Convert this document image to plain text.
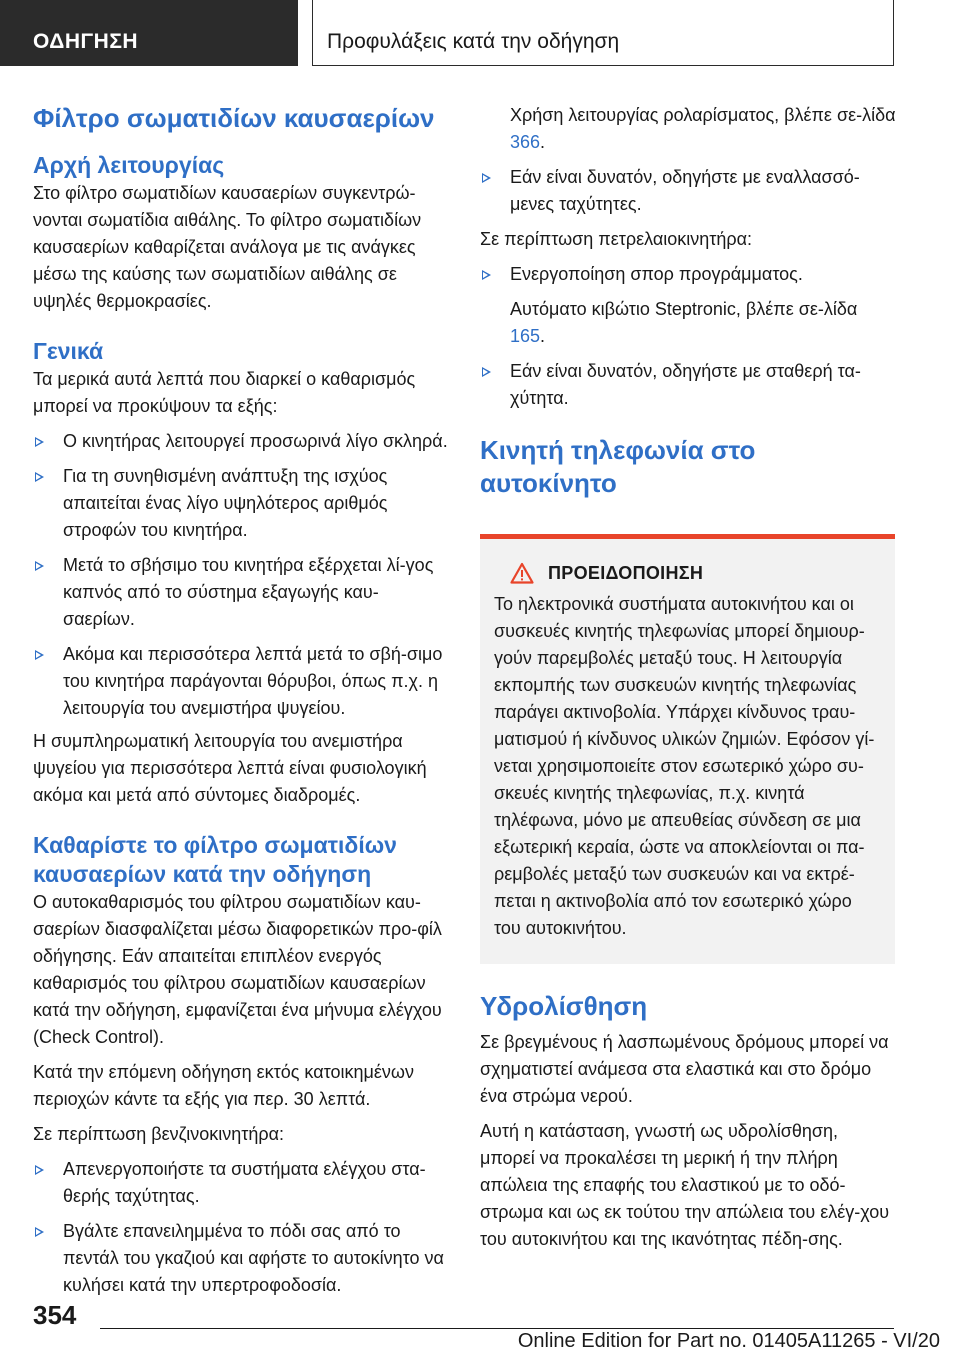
ΟΔΗΓΗΣΗ	Προφυλάξεις κατά την οδήγηση
Φίλτρο σωματιδίων καυσαερίων
Αρχή λειτουργίας

Στο φίλτρο σωματιδίων καυσαερίων συγκεντρώ‐νονται σωματίδια αιθάλης. Το φίλτρο σωματιδίων καυσαερίων καθαρίζεται ανάλογα με τις ανάγκες μέσω της καύσης των σωματιδίων αιθάλης σε υψηλές θερμοκρασίες.

Γενικά

Τα μερικά αυτά λεπτά που διαρκεί ο καθαρισμός μπορεί να προκύψουν τα εξής:

Ο κινητήρας λειτουργεί προσωρινά λίγο σκληρά.
Για τη συνηθισμένη ανάπτυξη της ισχύος απαιτείται ένας λίγο υψηλότερος αριθμός στροφών του κινητήρα.
Μετά το σβήσιμο του κινητήρα εξέρχεται λί‐γος καπνός από το σύστημα εξαγωγής καυ‐σαερίων.
Ακόμα και περισσότερα λεπτά μετά το σβή‐σιμο του κινητήρα παράγονται θόρυβοι, όπως π.χ. η λειτουργία του ανεμιστήρα ψυγείου.

Η συμπληρωματική λειτουργία του ανεμιστήρα ψυγείου για περισσότερα λεπτά είναι φυσιολογική ακόμα και μετά από σύντομες διαδρομές.

Καθαρίστε το φίλτρο σωματιδίων καυσαερίων κατά την οδήγηση

Ο αυτοκαθαρισμός του φίλτρου σωματιδίων καυ‐σαερίων διασφαλίζεται μέσω διαφορετικών προ‐φίλ οδήγησης. Εάν απαιτείται επιπλέον ενεργός καθαρισμός του φίλτρου σωματιδίων καυσαερίων κατά την οδήγηση, εμφανίζεται ένα μήνυμα ελέγχου (Check Control).

Κατά την επόμενη οδήγηση εκτός κατοικημένων περιοχών κάντε τα εξής για περ. 30 λεπτά.

Σε περίπτωση βενζινοκινητήρα:

Απενεργοποιήστε τα συστήματα ελέγχου στα‐θερής ταχύτητας.
Βγάλτε επανειλημμένα το πόδι σας από το πεντάλ του γκαζιού και αφήστε το αυτοκίνητο να κυλήσει κατά την υπερτροφοδοσία.

Χρήση λειτουργίας ρολαρίσματος, βλέπε σε‐λίδα 366.

Εάν είναι δυνατόν, οδηγήστε με εναλλασσό‐μενες ταχύτητες.

Σε περίπτωση πετρελαιοκινητήρα:

Ενεργοποίηση σπορ προγράμματος.

Αυτόματο κιβώτιο Steptronic, βλέπε σε‐λίδα 165.

Εάν είναι δυνατόν, οδηγήστε με σταθερή τα‐χύτητα.
Κινητή τηλεφωνία στο αυτοκίνητο
ΠΡΟΕΙΔΟΠΟΙΗΣΗ

Το ηλεκτρονικά συστήματα αυτοκινήτου και οι συσκευές κινητής τηλεφωνίας μπορεί δημιουρ‐γούν παρεμβολές μεταξύ τους. Η λειτουργία εκπομπής των συσκευών κινητής τηλεφωνίας παράγει ακτινοβολία. Υπάρχει κίνδυνος τραυ‐ματισμού ή κίνδυνος υλικών ζημιών. Εφόσον γί‐νεται χρησιμοποιείτε στον εσωτερικό χώρο συ‐σκευές κινητής τηλεφωνίας, π.χ. κινητά τηλέφωνα, μόνο με απευθείας σύνδεση σε μια εξωτερική κεραία, ώστε να αποκλείονται οι πα‐ρεμβολές μεταξύ των συσκευών και να εκτρέ‐πεται η ακτινοβολία από τον εσωτερικό χώρο του αυτοκινήτου.

Υδρολίσθηση

Σε βρεγμένους ή λασπωμένους δρόμους μπορεί να σχηματιστεί ανάμεσα στα ελαστικά και στο δρόμο ένα στρώμα νερού.

Αυτή η κατάσταση, γνωστή ως υδρολίσθηση, μπορεί να προκαλέσει τη μερική ή την πλήρη απώλεια της επαφής του ελαστικού με το οδό‐στρωμα και ως εκ τούτου την απώλεια του ελέγ‐χου του αυτοκινήτου και της ικανότητας πέδη‐σης.

354
Online Edition for Part no. 01405A11265 - VI/20
